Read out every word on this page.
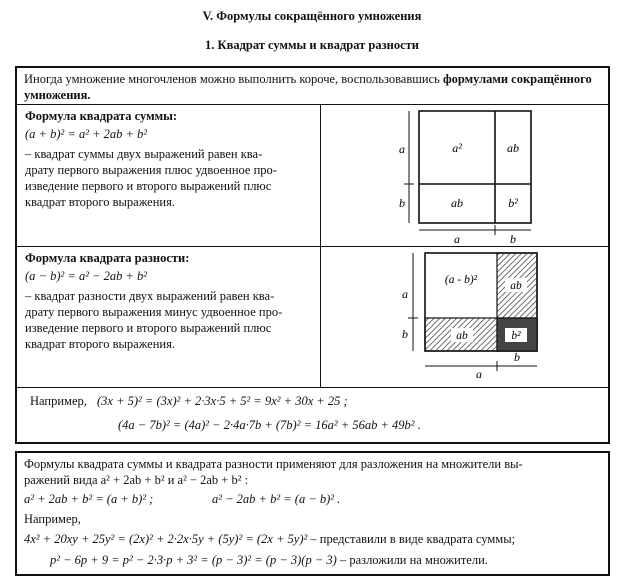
V. Формулы сокращённого умножения
1. Квадрат суммы и квадрат разности
Иногда умножение многочленов можно выполнить короче, воспользовавшись формулами сокращённого умножения.
Формула квадрата суммы:
(a + b)² = a² + 2ab + b²
– квадрат суммы двух выражений равен ква-
драту первого выражения плюс удвоенное про-
изведение первого и второго выражений плюс
квадрат второго выражения.
a²	ab
ab	b²
a
b
a	b
Формула квадрата разности:
(a − b)² = a² − 2ab + b²
– квадрат разности двух выражений равен ква-
драту первого выражения минус удвоенное про-
изведение первого и второго выражений плюс
квадрат второго выражения.
(a - b)²	ab
ab	b²
a
b
a
b
Например, (3x + 5)² = (3x)² + 2·3x·5 + 5² = 9x² + 30x + 25 ;
(4a − 7b)² = (4a)² − 2·4a·7b + (7b)² = 16a² + 56ab + 49b² .
Формулы квадрата суммы и квадрата разности применяют для разложения на множители вы-
ражений вида a² + 2ab + b² и a² − 2ab + b² :
a² + 2ab + b² = (a + b)² ;	a² − 2ab + b² = (a − b)² .
Например,
4x² + 20xy + 25y² = (2x)² + 2·2x·5y + (5y)² = (2x + 5y)² – представили в виде квадрата суммы;
p² − 6p + 9 = p² − 2·3·p + 3² = (p − 3)² = (p − 3)(p − 3) – разложили на множители.
